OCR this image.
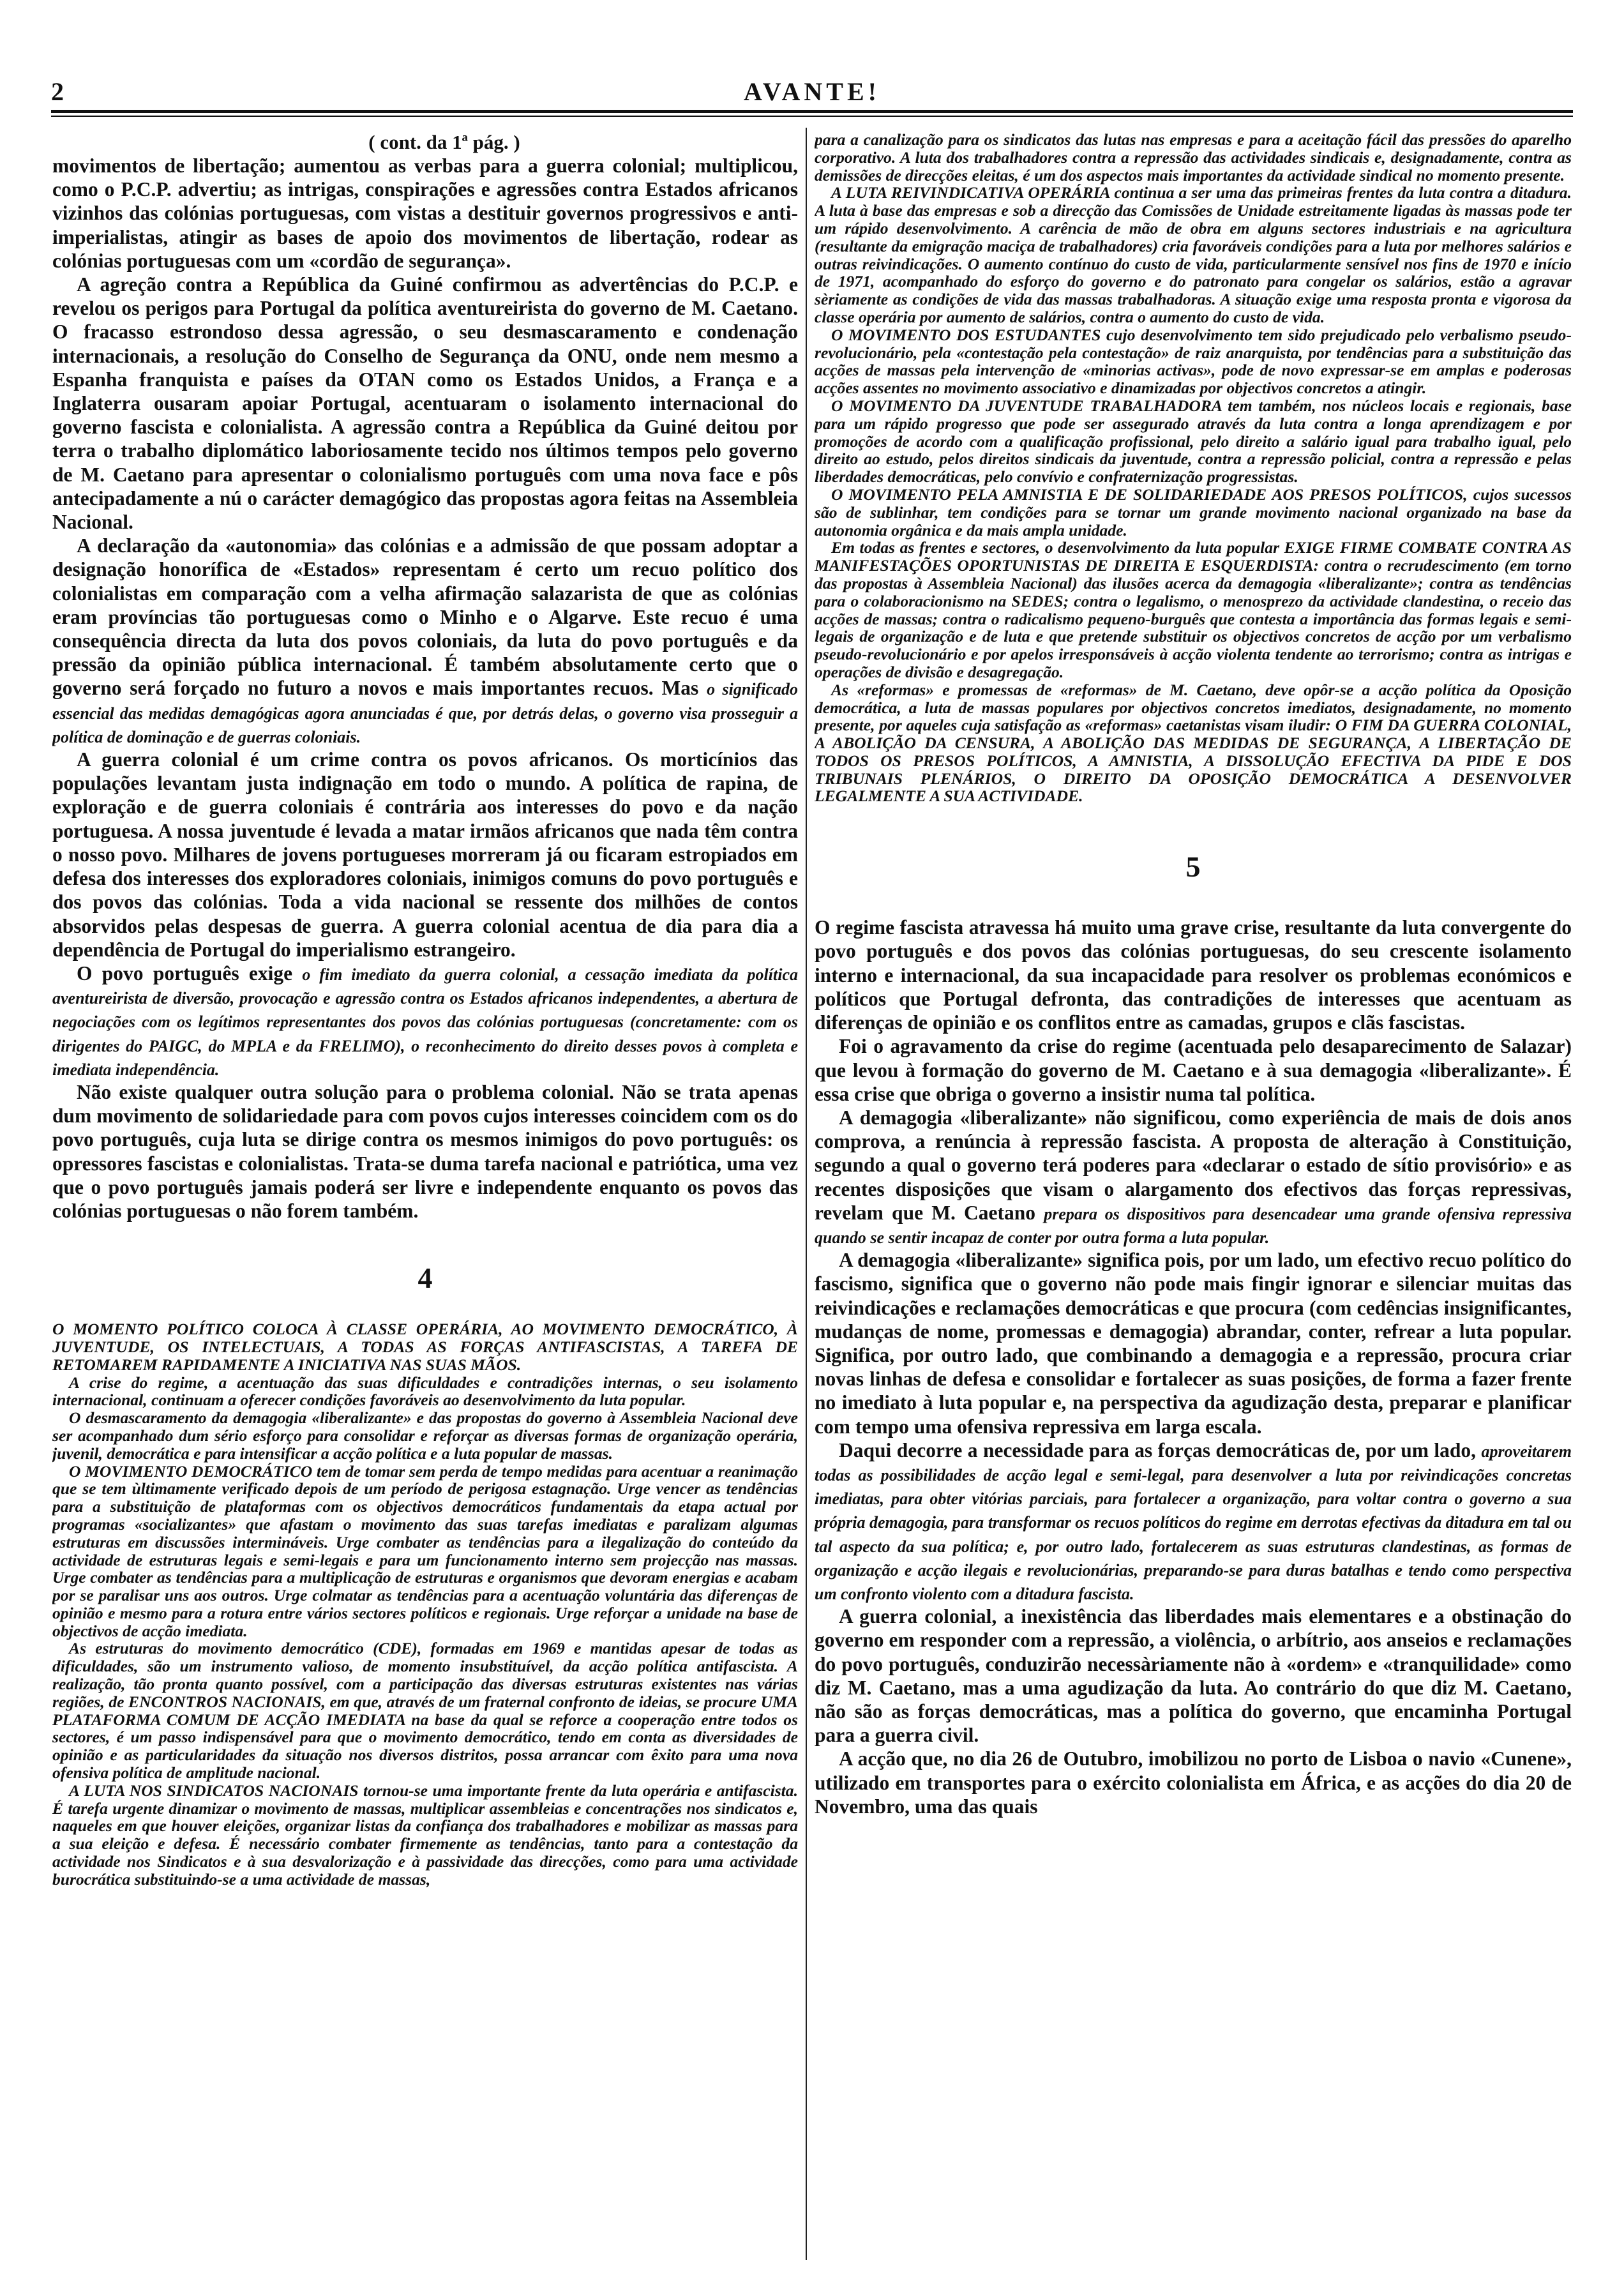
2	AVANTE!

( cont. da 1ª pág. )

movimentos de libertação; aumentou as verbas para a guerra colonial; multiplicou, como o P.C.P. advertiu; as intrigas, conspirações e agressões contra Estados africanos vizinhos das colónias portuguesas, com vistas a destituir governos progressivos e anti-imperialistas, atingir as bases de apoio dos movimentos de libertação, rodear as colónias portuguesas com um «cordão de segurança».

A agreção contra a República da Guiné confirmou as advertências do P.C.P. e revelou os perigos para Portugal da política aventureirista do governo de M. Caetano. O fracasso estrondoso dessa agressão, o seu desmascaramento e condenação internacionais, a resolução do Conselho de Segurança da ONU, onde nem mesmo a Espanha franquista e países da OTAN como os Estados Unidos, a França e a Inglaterra ousaram apoiar Portugal, acentuaram o isolamento internacional do governo fascista e colonialista. A agressão contra a República da Guiné deitou por terra o trabalho diplomático laboriosamente tecido nos últimos tempos pelo governo de M. Caetano para apresentar o colonialismo português com uma nova face e pôs antecipadamente a nú o carácter demagógico das propostas agora feitas na Assembleia Nacional.

A declaração da «autonomia» das colónias e a admissão de que possam adoptar a designação honorífica de «Estados» representam é certo um recuo político dos colonialistas em comparação com a velha afirmação salazarista de que as colónias eram províncias tão portuguesas como o Minho e o Algarve. Este recuo é uma consequência directa da luta dos povos coloniais, da luta do povo português e da pressão da opinião pública internacional. É também absolutamente certo que o governo será forçado no futuro a novos e mais importantes recuos. Mas o significado essencial das medidas demagógicas agora anunciadas é que, por detrás delas, o governo visa prosseguir a política de dominação e de guerras coloniais.

A guerra colonial é um crime contra os povos africanos. Os morticínios das populações levantam justa indignação em todo o mundo. A política de rapina, de exploração e de guerra coloniais é contrária aos interesses do povo e da nação portuguesa. A nossa juventude é levada a matar irmãos africanos que nada têm contra o nosso povo. Milhares de jovens portugueses morreram já ou ficaram estropiados em defesa dos interesses dos exploradores coloniais, inimigos comuns do povo português e dos povos das colónias. Toda a vida nacional se ressente dos milhões de contos absorvidos pelas despesas de guerra. A guerra colonial acentua de dia para dia a dependência de Portugal do imperialismo estrangeiro.

O povo português exige o fim imediato da guerra colonial, a cessação imediata da política aventureirista de diversão, provocação e agressão contra os Estados africanos independentes, a abertura de negociações com os legítimos representantes dos povos das colónias portuguesas (concretamente: com os dirigentes do PAIGC, do MPLA e da FRELIMO), o reconhecimento do direito desses povos à completa e imediata independência.

Não existe qualquer outra solução para o problema colonial. Não se trata apenas dum movimento de solidariedade para com povos cujos interesses coincidem com os do povo português, cuja luta se dirige contra os mesmos inimigos do povo português: os opressores fascistas e colonialistas. Trata-se duma tarefa nacional e patriótica, uma vez que o povo português jamais poderá ser livre e independente enquanto os povos das colónias portuguesas o não forem também.

4

O MOMENTO POLÍTICO COLOCA À CLASSE OPERÁRIA, AO MOVIMENTO DEMOCRÁTICO, À JUVENTUDE, OS INTELECTUAIS, A TODAS AS FORÇAS ANTIFASCISTAS, A TAREFA DE RETOMAREM RAPIDAMENTE A INICIATIVA NAS SUAS MÃOS.

A crise do regime, a acentuação das suas dificuldades e contradições internas, o seu isolamento internacional, continuam a oferecer condições favoráveis ao desenvolvimento da luta popular.

O desmascaramento da demagogia «liberalizante» e das propostas do governo à Assembleia Nacional deve ser acompanhado dum sério esforço para consolidar e reforçar as diversas formas de organização operária, juvenil, democrática e para intensificar a acção política e a luta popular de massas.

O MOVIMENTO DEMOCRÁTICO tem de tomar sem perda de tempo medidas para acentuar a reanimação que se tem ùltimamente verificado depois de um período de perigosa estagnação. Urge vencer as tendências para a substituição de plataformas com os objectivos democráticos fundamentais da etapa actual por programas «socializantes» que afastam o movimento das suas tarefas imediatas e paralizam algumas estruturas em discussões intermináveis. Urge combater as tendências para a ilegalização do conteúdo da actividade de estruturas legais e semi-legais e para um funcionamento interno sem projecção nas massas. Urge combater as tendências para a multiplicação de estruturas e organismos que devoram energias e acabam por se paralisar uns aos outros. Urge colmatar as tendências para a acentuação voluntária das diferenças de opinião e mesmo para a rotura entre vários sectores políticos e regionais. Urge reforçar a unidade na base de objectivos de acção imediata.

As estruturas do movimento democrático (CDE), formadas em 1969 e mantidas apesar de todas as dificuldades, são um instrumento valioso, de momento insubstituível, da acção política antifascista. A realização, tão pronta quanto possível, com a participação das diversas estruturas existentes nas várias regiões, de ENCONTROS NACIONAIS, em que, através de um fraternal confronto de ideias, se procure UMA PLATAFORMA COMUM DE ACÇÃO IMEDIATA na base da qual se reforce a cooperação entre todos os sectores, é um passo indispensável para que o movimento democrático, tendo em conta as diversidades de opinião e as particularidades da situação nos diversos distritos, possa arrancar com êxito para uma nova ofensiva política de amplitude nacional.

A LUTA NOS SINDICATOS NACIONAIS tornou-se uma importante frente da luta operária e antifascista. É tarefa urgente dinamizar o movimento de massas, multiplicar assembleias e concentrações nos sindicatos e, naqueles em que houver eleições, organizar listas da confiança dos trabalhadores e mobilizar as massas para a sua eleição e defesa. É necessário combater firmemente as tendências, tanto para a contestação da actividade nos Sindicatos e à sua desvalorização e à passividade das direcções, como para uma actividade burocrática substituindo-se a uma actividade de massas,

para a canalização para os sindicatos das lutas nas empresas e para a aceitação fácil das pressões do aparelho corporativo. A luta dos trabalhadores contra a repressão das actividades sindicais e, designadamente, contra as demissões de direcções eleitas, é um dos aspectos mais importantes da actividade sindical no momento presente.

A LUTA REIVINDICATIVA OPERÁRIA continua a ser uma das primeiras frentes da luta contra a ditadura. A luta à base das empresas e sob a direcção das Comissões de Unidade estreitamente ligadas às massas pode ter um rápido desenvolvimento. A carência de mão de obra em alguns sectores industriais e na agricultura (resultante da emigração maciça de trabalhadores) cria favoráveis condições para a luta por melhores salários e outras reivindicações. O aumento contínuo do custo de vida, particularmente sensível nos fins de 1970 e início de 1971, acompanhado do esforço do governo e do patronato para congelar os salários, estão a agravar sèriamente as condições de vida das massas trabalhadoras. A situação exige uma resposta pronta e vigorosa da classe operária por aumento de salários, contra o aumento do custo de vida.

O MOVIMENTO DOS ESTUDANTES cujo desenvolvimento tem sido prejudicado pelo verbalismo pseudo-revolucionário, pela «contestação pela contestação» de raiz anarquista, por tendências para a substituição das acções de massas pela intervenção de «minorias activas», pode de novo expressar-se em amplas e poderosas acções assentes no movimento associativo e dinamizadas por objectivos concretos a atingir.

O MOVIMENTO DA JUVENTUDE TRABALHADORA tem também, nos núcleos locais e regionais, base para um rápido progresso que pode ser assegurado através da luta contra a longa aprendizagem e por promoções de acordo com a qualificação profissional, pelo direito a salário igual para trabalho igual, pelo direito ao estudo, pelos direitos sindicais da juventude, contra a repressão policial, contra a repressão e pelas liberdades democráticas, pelo convívio e confraternização progressistas.

O MOVIMENTO PELA AMNISTIA E DE SOLIDARIEDADE AOS PRESOS POLÍTICOS, cujos sucessos são de sublinhar, tem condições para se tornar um grande movimento nacional organizado na base da autonomia orgânica e da mais ampla unidade.

Em todas as frentes e sectores, o desenvolvimento da luta popular EXIGE FIRME COMBATE CONTRA AS MANIFESTAÇÕES OPORTUNISTAS DE DIREITA E ESQUERDISTA: contra o recrudescimento (em torno das propostas à Assembleia Nacional) das ilusões acerca da demagogia «liberalizante»; contra as tendências para o colaboracionismo na SEDES; contra o legalismo, o menosprezo da actividade clandestina, o receio das acções de massas; contra o radicalismo pequeno-burguês que contesta a importância das formas legais e semi-legais de organização e de luta e que pretende substituir os objectivos concretos de acção por um verbalismo pseudo-revolucionário e por apelos irresponsáveis à acção violenta tendente ao terrorismo; contra as intrigas e operações de divisão e desagregação.

As «reformas» e promessas de «reformas» de M. Caetano, deve opôr-se a acção política da Oposição democrática, a luta de massas populares por objectivos concretos imediatos, designadamente, no momento presente, por aqueles cuja satisfação as «reformas» caetanistas visam iludir: O FIM DA GUERRA COLONIAL, A ABOLIÇÃO DA CENSURA, A ABOLIÇÃO DAS MEDIDAS DE SEGURANÇA, A LIBERTAÇÃO DE TODOS OS PRESOS POLÍTICOS, A AMNISTIA, A DISSOLUÇÃO EFECTIVA DA PIDE E DOS TRIBUNAIS PLENÁRIOS, O DIREITO DA OPOSIÇÃO DEMOCRÁTICA A DESENVOLVER LEGALMENTE A SUA ACTIVIDADE.

5

O regime fascista atravessa há muito uma grave crise, resultante da luta convergente do povo português e dos povos das colónias portuguesas, do seu crescente isolamento interno e internacional, da sua incapacidade para resolver os problemas económicos e políticos que Portugal defronta, das contradições de interesses que acentuam as diferenças de opinião e os conflitos entre as camadas, grupos e clãs fascistas.

Foi o agravamento da crise do regime (acentuada pelo desaparecimento de Salazar) que levou à formação do governo de M. Caetano e à sua demagogia «liberalizante». É essa crise que obriga o governo a insistir numa tal política.

A demagogia «liberalizante» não significou, como experiência de mais de dois anos comprova, a renúncia à repressão fascista. A proposta de alteração à Constituição, segundo a qual o governo terá poderes para «declarar o estado de sítio provisório» e as recentes disposições que visam o alargamento dos efectivos das forças repressivas, revelam que M. Caetano prepara os dispositivos para desencadear uma grande ofensiva repressiva quando se sentir incapaz de conter por outra forma a luta popular.

A demagogia «liberalizante» significa pois, por um lado, um efectivo recuo político do fascismo, significa que o governo não pode mais fingir ignorar e silenciar muitas das reivindicações e reclamações democráticas e que procura (com cedências insignificantes, mudanças de nome, promessas e demagogia) abrandar, conter, refrear a luta popular. Significa, por outro lado, que combinando a demagogia e a repressão, procura criar novas linhas de defesa e consolidar e fortalecer as suas posições, de forma a fazer frente no imediato à luta popular e, na perspectiva da agudização desta, preparar e planificar com tempo uma ofensiva repressiva em larga escala.

Daqui decorre a necessidade para as forças democráticas de, por um lado, aproveitarem todas as possibilidades de acção legal e semi-legal, para desenvolver a luta por reivindicações concretas imediatas, para obter vitórias parciais, para fortalecer a organização, para voltar contra o governo a sua própria demagogia, para transformar os recuos políticos do regime em derrotas efectivas da ditadura em tal ou tal aspecto da sua política; e, por outro lado, fortalecerem as suas estruturas clandestinas, as formas de organização e acção ilegais e revolucionárias, preparando-se para duras batalhas e tendo como perspectiva um confronto violento com a ditadura fascista.

A guerra colonial, a inexistência das liberdades mais elementares e a obstinação do governo em responder com a repressão, a violência, o arbítrio, aos anseios e reclamações do povo português, conduzirão necessàriamente não à «ordem» e «tranquilidade» como diz M. Caetano, mas a uma agudização da luta. Ao contrário do que diz M. Caetano, não são as forças democráticas, mas a política do governo, que encaminha Portugal para a guerra civil.

A acção que, no dia 26 de Outubro, imobilizou no porto de Lisboa o navio «Cunene», utilizado em transportes para o exército colonialista em África, e as acções do dia 20 de Novembro, uma das quais
